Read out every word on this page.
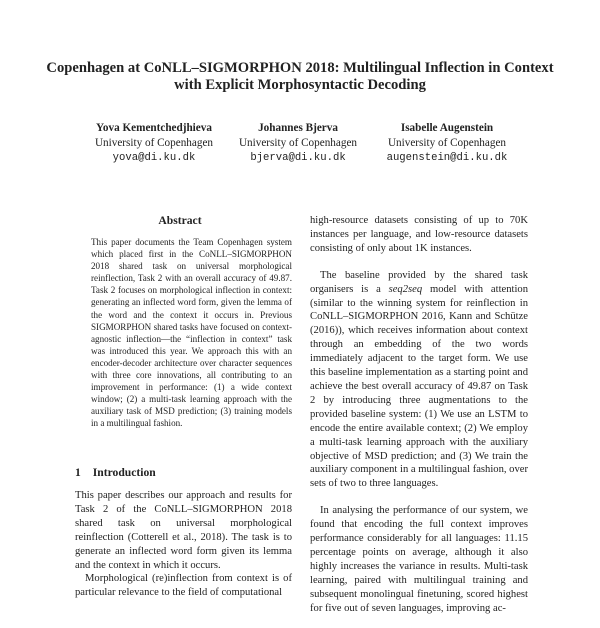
Copenhagen at CoNLL–SIGMORPHON 2018: Multilingual Inflection in Context with Explicit Morphosyntactic Decoding
Yova Kementchedjhieva
University of Copenhagen
yova@di.ku.dk
Johannes Bjerva
University of Copenhagen
bjerva@di.ku.dk
Isabelle Augenstein
University of Copenhagen
augenstein@di.ku.dk
Abstract
This paper documents the Team Copenhagen system which placed first in the CoNLL–SIGMORPHON 2018 shared task on universal morphological reinflection, Task 2 with an overall accuracy of 49.87. Task 2 focuses on morphological inflection in context: generating an inflected word form, given the lemma of the word and the context it occurs in. Previous SIGMORPHON shared tasks have focused on context-agnostic inflection—the “inflection in context” task was introduced this year. We approach this with an encoder-decoder architecture over character sequences with three core innovations, all contributing to an improvement in performance: (1) a wide context window; (2) a multi-task learning approach with the auxiliary task of MSD prediction; (3) training models in a multilingual fashion.
1 Introduction

This paper describes our approach and results for Task 2 of the CoNLL–SIGMORPHON 2018 shared task on universal morphological reinflection (Cotterell et al., 2018). The task is to generate an inflected word form given its lemma and the context in which it occurs.

Morphological (re)inflection from context is of particular relevance to the field of computational

high-resource datasets consisting of up to 70K instances per language, and low-resource datasets consisting of only about 1K instances.

The baseline provided by the shared task organisers is a seq2seq model with attention (similar to the winning system for reinflection in CoNLL–SIGMORPHON 2016, Kann and Schütze (2016)), which receives information about context through an embedding of the two words immediately adjacent to the target form. We use this baseline implementation as a starting point and achieve the best overall accuracy of 49.87 on Task 2 by introducing three augmentations to the provided baseline system: (1) We use an LSTM to encode the entire available context; (2) We employ a multi-task learning approach with the auxiliary objective of MSD prediction; and (3) We train the auxiliary component in a multilingual fashion, over sets of two to three languages.

In analysing the performance of our system, we found that encoding the full context improves performance considerably for all languages: 11.15 percentage points on average, although it also highly increases the variance in results. Multi-task learning, paired with multilingual training and subsequent monolingual finetuning, scored highest for five out of seven languages, improving ac-
